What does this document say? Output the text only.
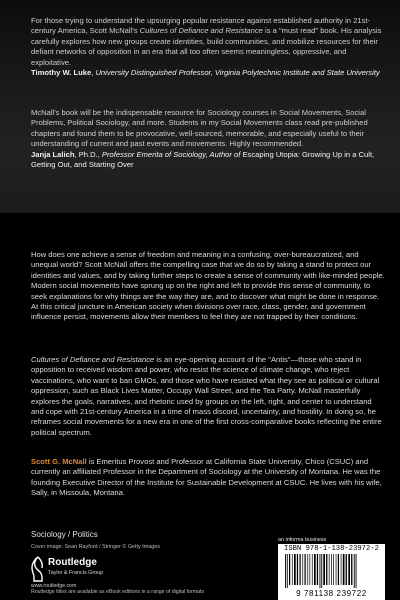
For those trying to understand the upsurging popular resistance against established authority in 21st-century America, Scott McNall's Cultures of Defiance and Resistance is a "must read" book. His analysis carefully explores how new groups create identities, build communities, and mobilize resources for their defiant networks of opposition in an era that all too often seems meaningless, oppressive, and exploitative.

Timothy W. Luke, University Distinguished Professor, Virginia Polytechnic Institute and State University

McNall's book will be the indispensable resource for Sociology courses in Social Movements, Social Problems, Political Sociology, and more. Students in my Social Movements class read pre-published chapters and found them to be provocative, well-sourced, memorable, and especially useful to their understanding of current and past events and movements. Highly recommended.

Janja Lalich, Ph.D., Professor Emerita of Sociology, Author of Escaping Utopia: Growing Up in a Cult, Getting Out, and Starting Over

How does one achieve a sense of freedom and meaning in a confusing, over-bureaucratized, and unequal world? Scott McNall offers the compelling case that we do so by taking a stand to protect our identities and values, and by taking further steps to create a sense of community with like-minded people. Modern social movements have sprung up on the right and left to provide this sense of community, to seek explanations for why things are the way they are, and to discover what might be done in response. At this critical juncture in American society when divisions over race, class, gender, and government influence persist, movements allow their members to feel they are not trapped by their conditions.

Cultures of Defiance and Resistance is an eye-opening account of the "Antis"—those who stand in opposition to received wisdom and power, who resist the science of climate change, who reject vaccinations, who want to ban GMOs, and those who have resisted what they see as political or cultural oppression, such as Black Lives Matter, Occupy Wall Street, and the Tea Party. McNall masterfully explores the goals, narratives, and rhetoric used by groups on the left, right, and center to understand and cope with 21st-century America in a time of mass discord, uncertainty, and hostility. In doing so, he reframes social movements for a new era in one of the first cross-comparative books reflecting the entire political spectrum.

Scott G. McNall is Emeritus Provost and Professor at California State University, Chico (CSUC) and currently an affiliated Professor in the Department of Sociology at the University of Montana. He was the founding Executive Director of the Institute for Sustainable Development at CSUC. He lives with his wife, Sally, in Missoula, Montana.

Sociology / Politics
Cover image: Sean Rayford / Stringer © Getty Images
Routledge
Taylor & Francis Group
www.routledge.com
Routledge titles are available as eBook editions in a range of digital formats
an informa business
ISBN 978-1-138-23972-2
9 781138 239722
